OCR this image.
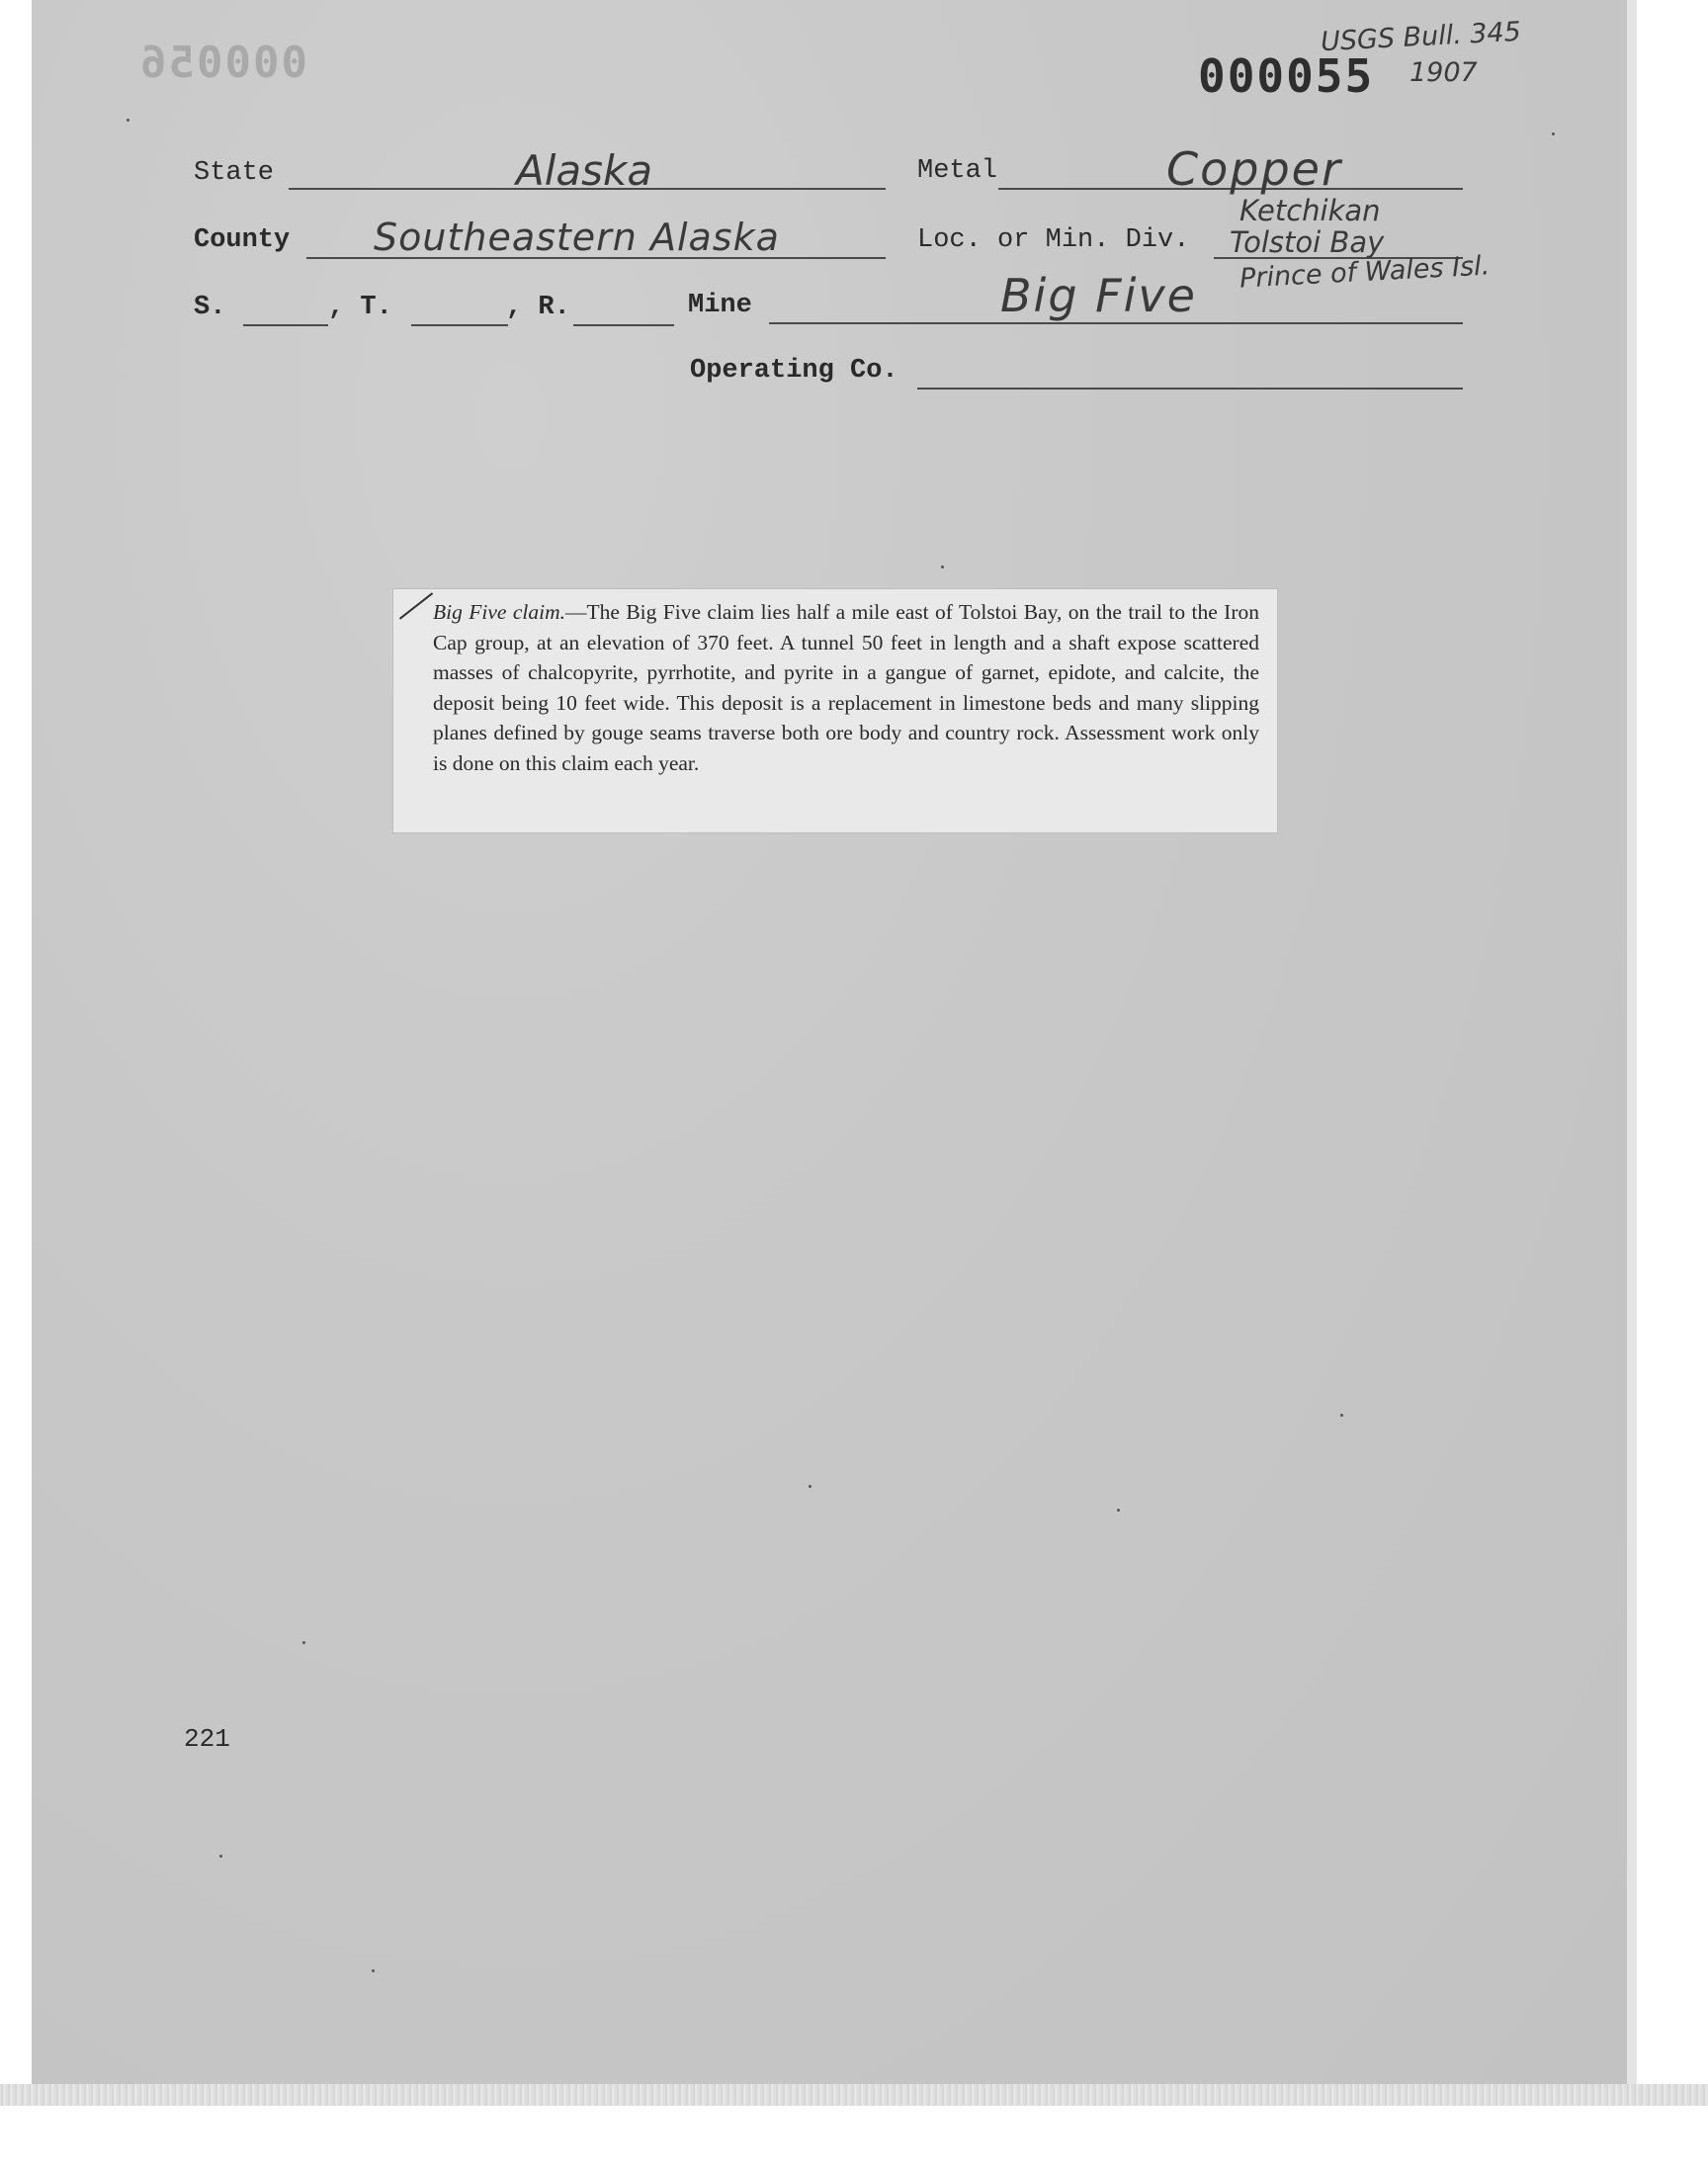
000056	000055
USGS Bull. 345
1907
State	Alaska	Metal	Copper
County Southeastern Alaska	Loc. or Min. Div.
Ketchikan
Tolstoi Bay
Prince of Wales Isl.
S.	, T.	, R.	Mine	Big Five
Operating Co.
Big Five claim.—The Big Five claim lies half a mile east of Tolstoi Bay, on the trail to the Iron Cap group, at an elevation of 370 feet. A tunnel 50 feet in length and a shaft expose scattered masses of chalcopyrite, pyrrhotite, and pyrite in a gangue of garnet, epidote, and calcite, the deposit being 10 feet wide. This deposit is a replacement in limestone beds and many slipping planes defined by gouge seams traverse both ore body and country rock. Assessment work only is done on this claim each year.
221
